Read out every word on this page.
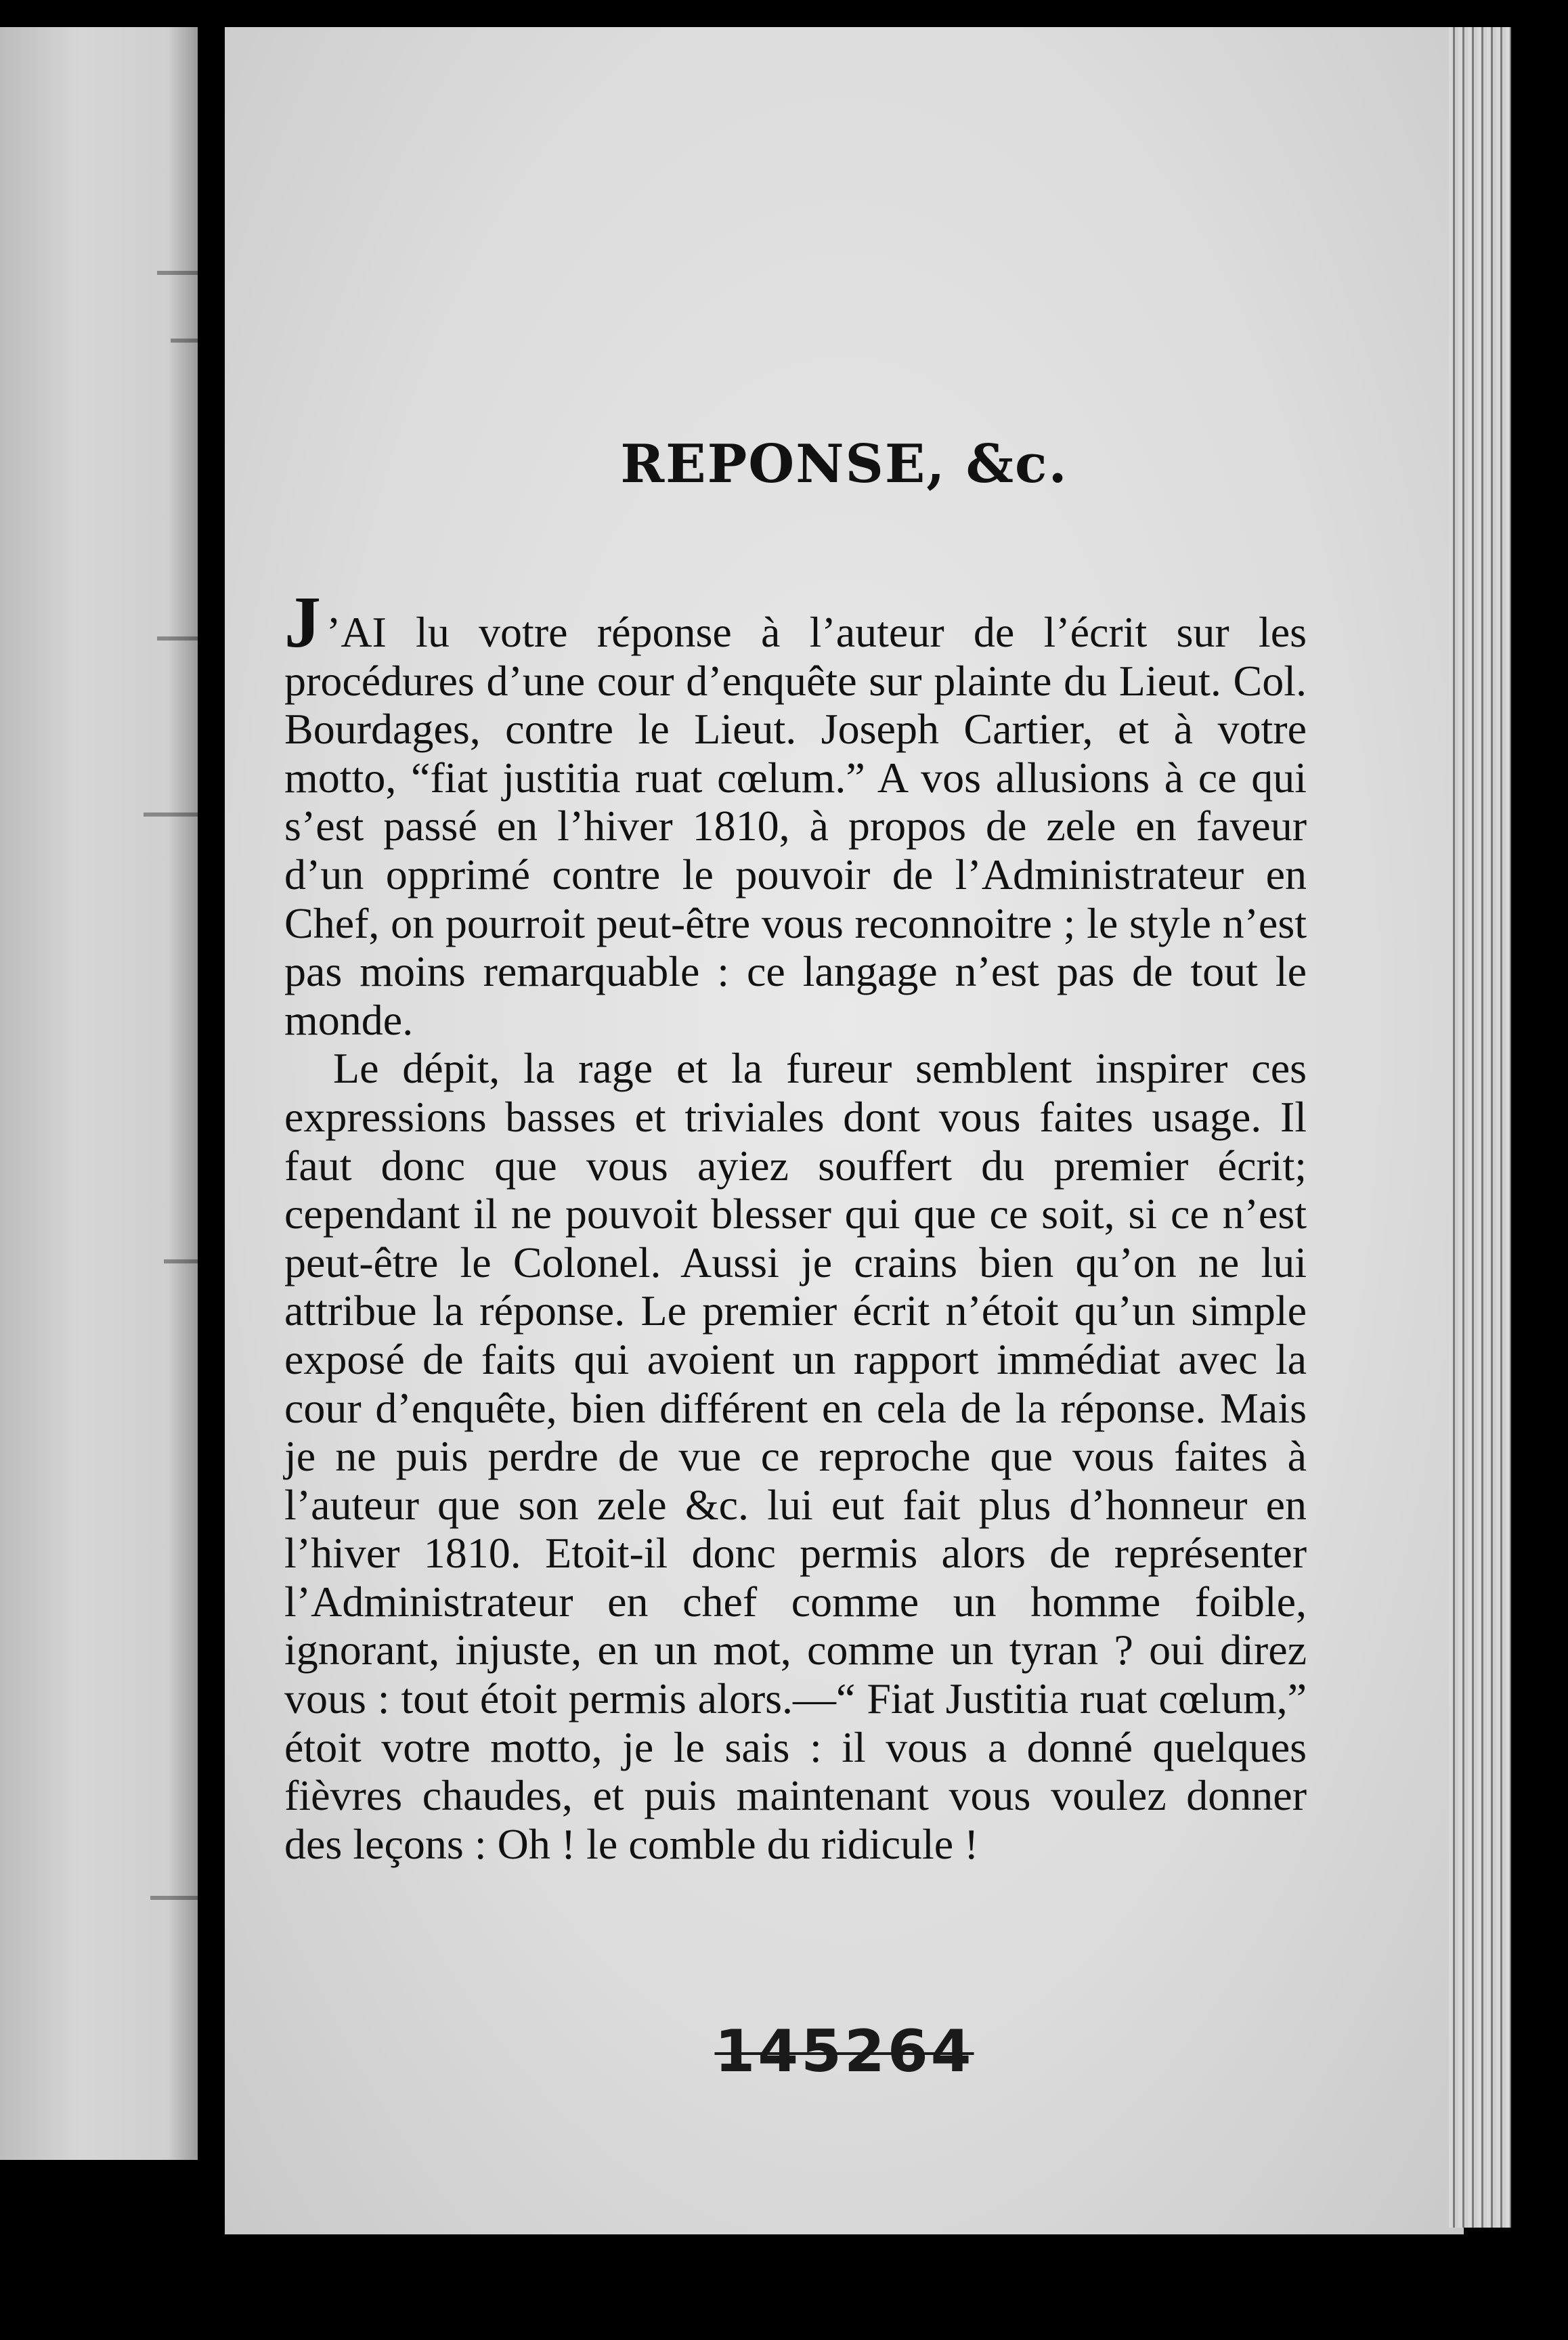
REPONSE, &c.

J ’AI lu votre réponse à l’auteur de l’écrit sur les procédures d’une cour d’enquête sur plainte du Lieut. Col. Bourdages, contre le Lieut. Joseph Cartier, et à votre motto, “fiat justitia ruat cœlum.” A vos allusions à ce qui s’est passé en l’hiver 1810, à propos de zele en faveur d’un opprimé contre le pouvoir de l’Administrateur en Chef, on pourroit peut-être vous reconnoitre ; le style n’est pas moins remarquable : ce langage n’est pas de tout le monde.

Le dépit, la rage et la fureur semblent inspirer ces expressions basses et triviales dont vous faites usage. Il faut donc que vous ayiez souffert du premier écrit; cependant il ne pouvoit blesser qui que ce soit, si ce n’est peut-être le Colonel. Aussi je crains bien qu’on ne lui attribue la réponse. Le premier écrit n’étoit qu’un simple exposé de faits qui avoient un rapport immédiat avec la cour d’enquête, bien différent en cela de la réponse. Mais je ne puis perdre de vue ce reproche que vous faites à l’auteur que son zele &c. lui eut fait plus d’honneur en l’hiver 1810. Etoit-il donc permis alors de représenter l’Administrateur en chef comme un homme foible, ignorant, injuste, en un mot, comme un tyran ? oui direz vous : tout étoit permis alors.—“ Fiat Justitia ruat cœlum,” étoit votre motto, je le sais : il vous a donné quelques fièvres chaudes, et puis maintenant vous voulez donner des leçons : Oh ! le comble du ridicule !

145264
